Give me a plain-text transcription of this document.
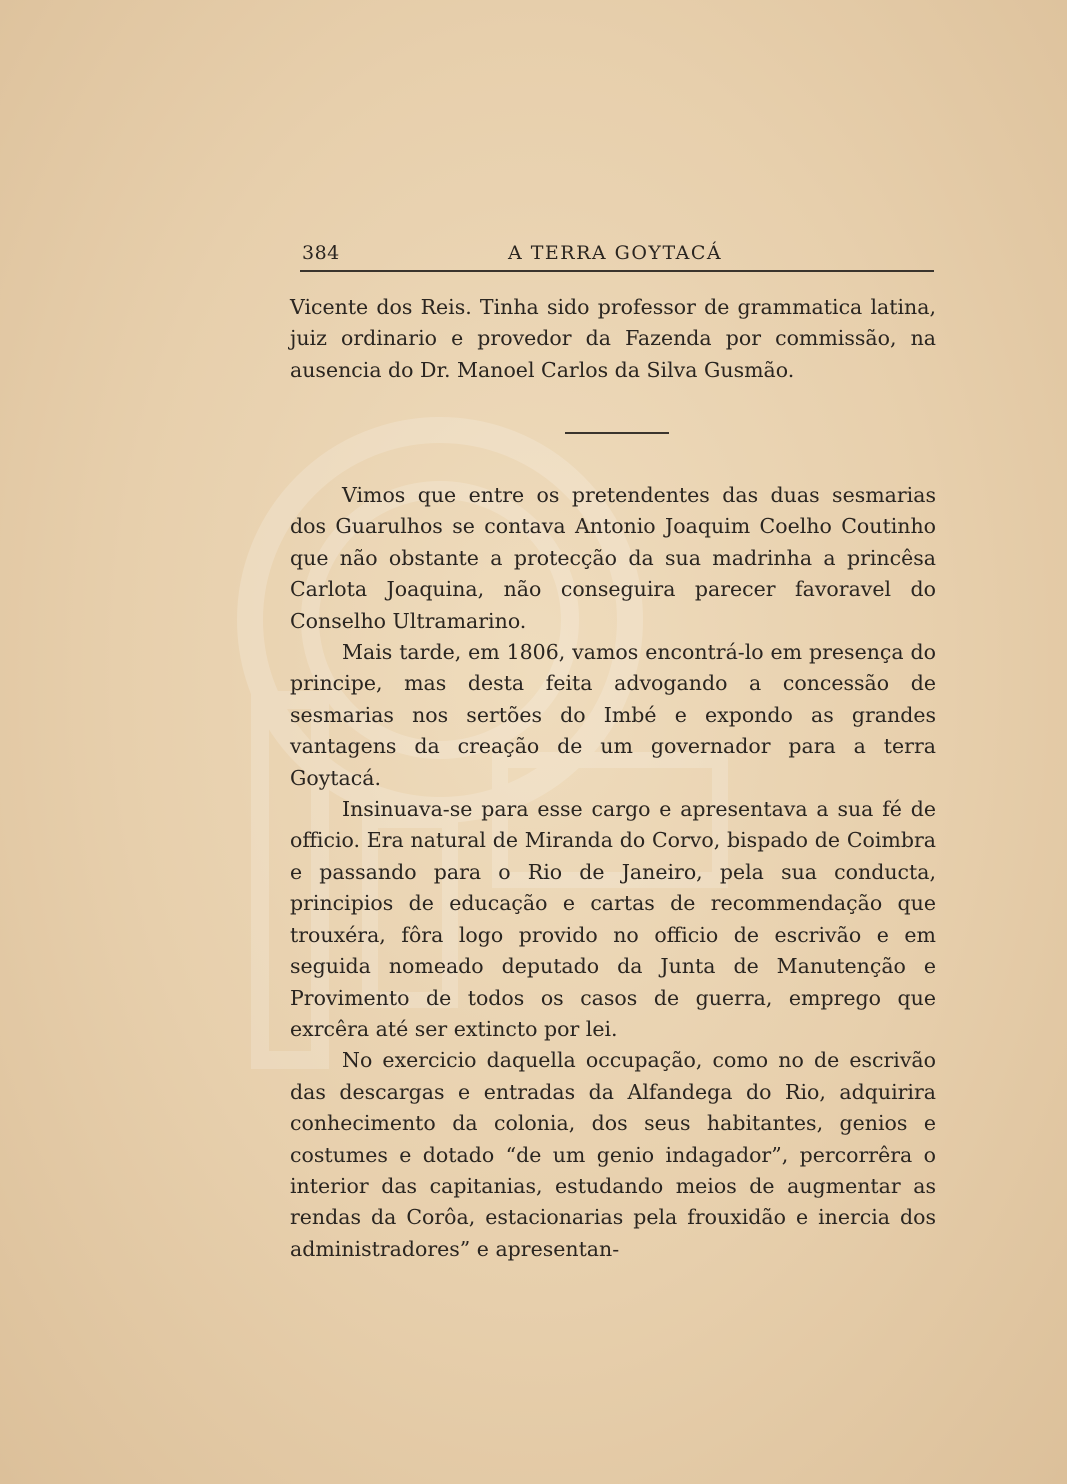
384	A TERRA GOYTACÁ

Vicente dos Reis. Tinha sido professor de grammatica latina, juiz ordinario e provedor da Fazenda por commissão, na ausencia do Dr. Manoel Carlos da Silva Gusmão.

Vimos que entre os pretendentes das duas sesmarias dos Guarulhos se contava Antonio Joaquim Coelho Coutinho que não obstante a protecção da sua madrinha a princêsa Carlota Joaquina, não conseguira parecer favoravel do Conselho Ultramarino.

Mais tarde, em 1806, vamos encontrá-lo em presença do principe, mas desta feita advogando a concessão de sesmarias nos sertões do Imbé e expondo as grandes vantagens da creação de um governador para a terra Goytacá.

Insinuava-se para esse cargo e apresentava a sua fé de officio. Era natural de Miranda do Corvo, bispado de Coimbra e passando para o Rio de Janeiro, pela sua conducta, principios de educação e cartas de recommendação que trouxéra, fôra logo provido no officio de escrivão e em seguida nomeado deputado da Junta de Manutenção e Provimento de todos os casos de guerra, emprego que exrcêra até ser extincto por lei.

No exercicio daquella occupação, como no de escrivão das descargas e entradas da Alfandega do Rio, adquirira conhecimento da colonia, dos seus habitantes, genios e costumes e dotado “de um genio indagador”, percorrêra o interior das capitanias, estudando meios de augmentar as rendas da Corôa, estacionarias pela frouxidão e inercia dos administradores” e apresentan-
